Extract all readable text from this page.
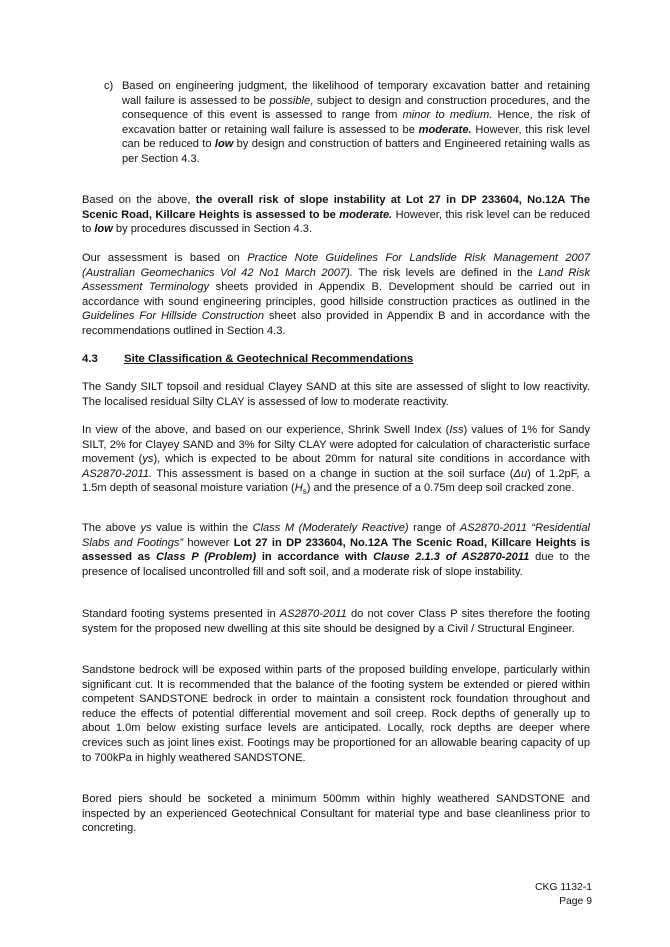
c) Based on engineering judgment, the likelihood of temporary excavation batter and retaining wall failure is assessed to be possible, subject to design and construction procedures, and the consequence of this event is assessed to range from minor to medium. Hence, the risk of excavation batter or retaining wall failure is assessed to be moderate. However, this risk level can be reduced to low by design and construction of batters and Engineered retaining walls as per Section 4.3.

Based on the above, the overall risk of slope instability at Lot 27 in DP 233604, No.12A The Scenic Road, Killcare Heights is assessed to be moderate. However, this risk level can be reduced to low by procedures discussed in Section 4.3.

Our assessment is based on Practice Note Guidelines For Landslide Risk Management 2007 (Australian Geomechanics Vol 42 No1 March 2007). The risk levels are defined in the Land Risk Assessment Terminology sheets provided in Appendix B. Development should be carried out in accordance with sound engineering principles, good hillside construction practices as outlined in the Guidelines For Hillside Construction sheet also provided in Appendix B and in accordance with the recommendations outlined in Section 4.3.

4.3 Site Classification & Geotechnical Recommendations

The Sandy SILT topsoil and residual Clayey SAND at this site are assessed of slight to low reactivity. The localised residual Silty CLAY is assessed of low to moderate reactivity.

In view of the above, and based on our experience, Shrink Swell Index (Iss) values of 1% for Sandy SILT, 2% for Clayey SAND and 3% for Silty CLAY were adopted for calculation of characteristic surface movement (ys), which is expected to be about 20mm for natural site conditions in accordance with AS2870-2011. This assessment is based on a change in suction at the soil surface (Δu) of 1.2pF, a 1.5m depth of seasonal moisture variation $(H_s)$ and the presence of a 0.75m deep soil cracked zone.

The above ys value is within the Class M (Moderately Reactive) range of AS2870-2011 “Residential Slabs and Footings” however Lot 27 in DP 233604, No.12A The Scenic Road, Killcare Heights is assessed as Class P (Problem) in accordance with Clause 2.1.3 of AS2870-2011 due to the presence of localised uncontrolled fill and soft soil, and a moderate risk of slope instability.

Standard footing systems presented in AS2870-2011 do not cover Class P sites therefore the footing system for the proposed new dwelling at this site should be designed by a Civil / Structural Engineer.

Sandstone bedrock will be exposed within parts of the proposed building envelope, particularly within significant cut. It is recommended that the balance of the footing system be extended or piered within competent SANDSTONE bedrock in order to maintain a consistent rock foundation throughout and reduce the effects of potential differential movement and soil creep. Rock depths of generally up to about 1.0m below existing surface levels are anticipated. Locally, rock depths are deeper where crevices such as joint lines exist. Footings may be proportioned for an allowable bearing capacity of up to 700kPa in highly weathered SANDSTONE.

Bored piers should be socketed a minimum 500mm within highly weathered SANDSTONE and inspected by an experienced Geotechnical Consultant for material type and base cleanliness prior to concreting.

CKG 1132-1
Page 9
